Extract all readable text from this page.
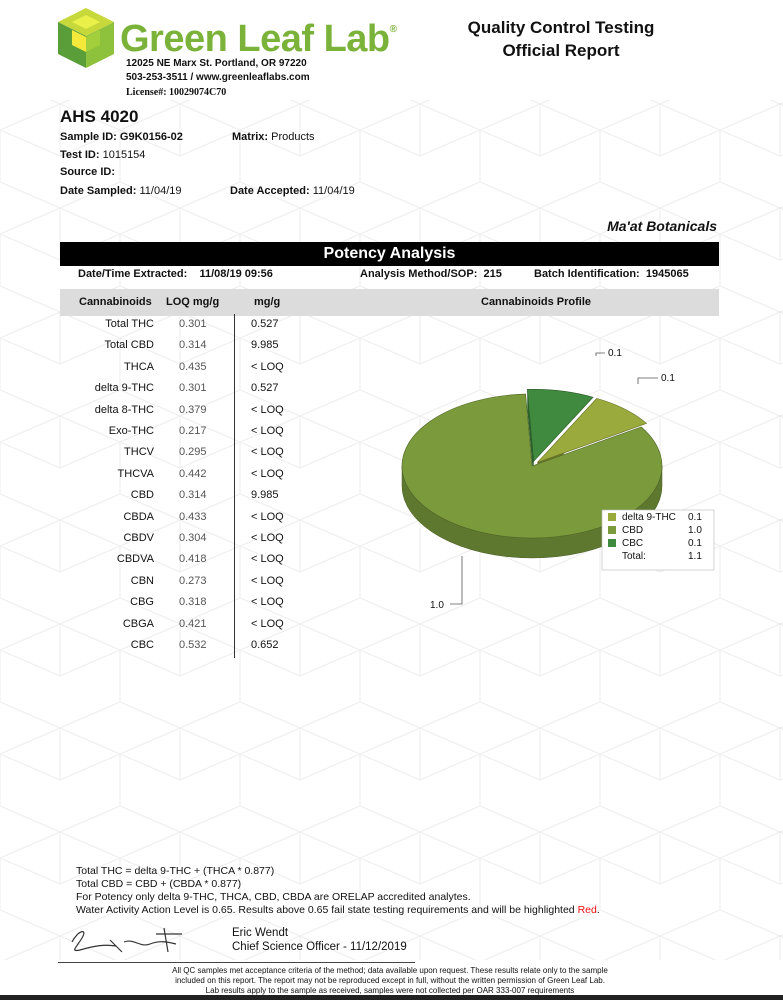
Green Leaf Lab®
12025 NE Marx St. Portland, OR 97220
503-253-3511 / www.greenleaflabs.com
License#: 10029074C70
Quality Control Testing
Official Report
AHS 4020
Sample ID: G9K0156-02	Matrix: Products
Test ID: 1015154
Source ID:
Date Sampled: 11/04/19	Date Accepted: 11/04/19
Ma'at Botanicals
Potency Analysis
Date/Time Extracted: 11/08/19 09:56	Analysis Method/SOP: 215	Batch Identification: 1945065
Cannabinoids LOQ mg/g	mg/g	Cannabinoids Profile
Total THC 0.301	0.527
Total CBD 0.314	9.985
THCA 0.435	< LOQ
delta 9-THC 0.301	0.527
delta 8-THC 0.379	< LOQ
Exo-THC 0.217	< LOQ
THCV 0.295	< LOQ
THCVA 0.442	< LOQ
CBD 0.314	9.985
CBDA 0.433	< LOQ
CBDV 0.304	< LOQ
CBDVA 0.418	< LOQ
CBN 0.273	< LOQ
CBG 0.318	< LOQ
CBGA 0.421	< LOQ
CBC 0.532	0.652
0.1
0.1
1.0
delta 9-THC 0.1
CBD	1.0
CBC	0.1
Total:	1.1
Total THC = delta 9-THC + (THCA * 0.877)
Total CBD = CBD + (CBDA * 0.877)
For Potency only delta 9-THC, THCA, CBD, CBDA are ORELAP accredited analytes.
Water Activity Action Level is 0.65. Results above 0.65 fail state testing requirements and will be highlighted Red.
Eric Wendt
Chief Science Officer - 11/12/2019
All QC samples met acceptance criteria of the method; data available upon request. These results relate only to the sample
included on this report. The report may not be reproduced except in full, without the written permission of Green Leaf Lab.
Lab results apply to the sample as received, samples were not collected per OAR 333-007 requirements
